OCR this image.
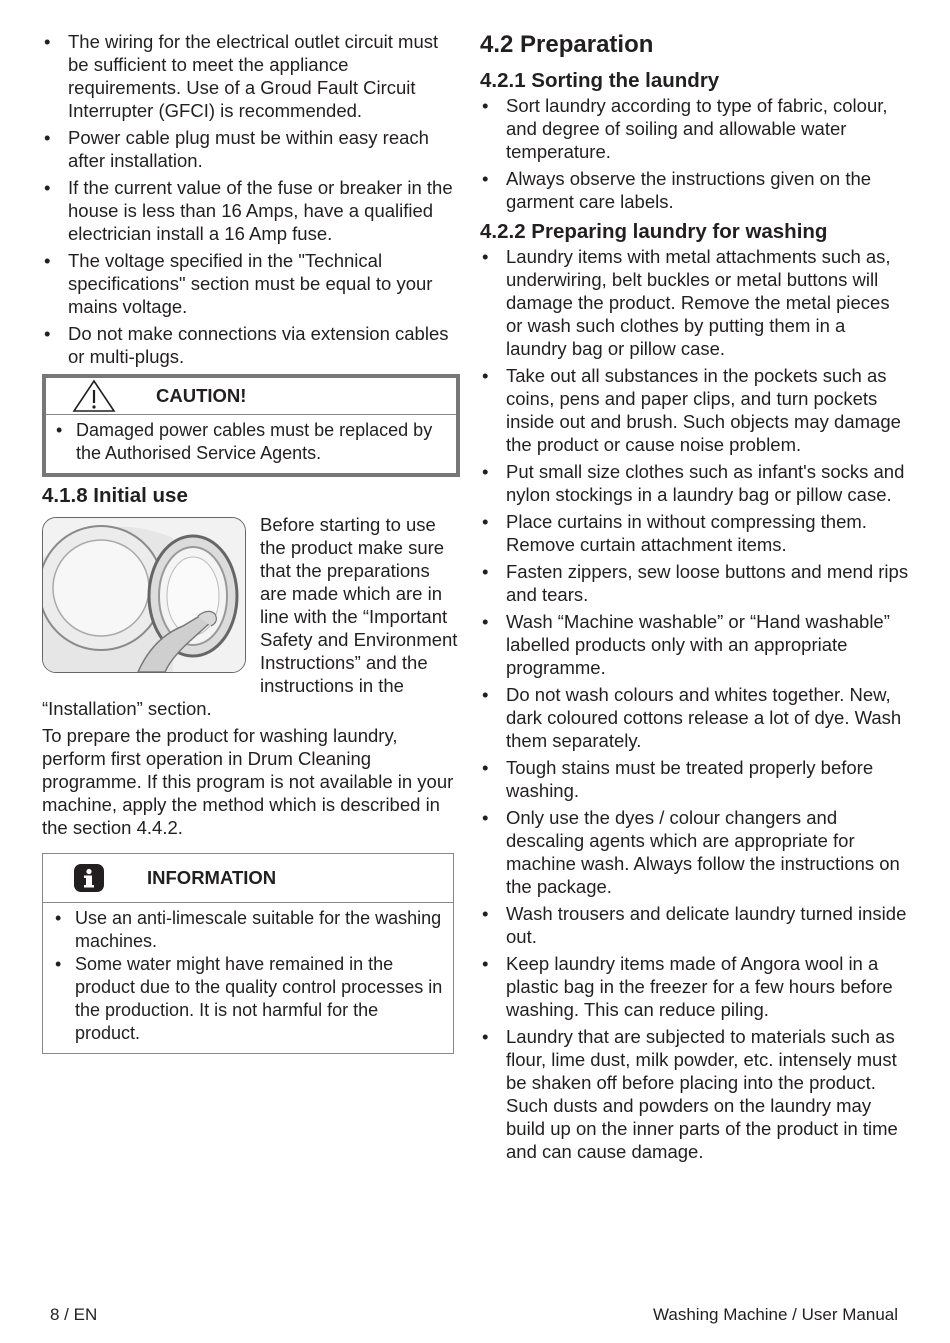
• The wiring for the electrical outlet circuit must be sufficient to meet the appliance requirements. Use of a Groud Fault Circuit Interrupter (GFCI) is recommended.
• Power cable plug must be within easy reach after installation.
• If the current value of the fuse or breaker in the house is less than 16 Amps, have a qualified electrician install a 16 Amp fuse.
• The voltage specified in the "Technical specifications" section must be equal to your mains voltage.
• Do not make connections via extension cables or multi-plugs.
CAUTION!
• Damaged power cables must be replaced by the Authorised Service Agents.
4.1.8 Initial use

Before starting to use the product make sure that the preparations are made which are in line with the “Important Safety and Environment Instructions” and the instructions in the “Installation” section.

To prepare the product for washing laundry, perform first operation in Drum Cleaning programme. If this program is not available in your machine, apply the method which is described in the section 4.4.2.

INFORMATION
• Use an anti-limescale suitable for the washing machines.
• Some water might have remained in the product due to the quality control processes in the production. It is not harmful for the product.
4.2 Preparation
4.2.1 Sorting the laundry
• Sort laundry according to type of fabric, colour, and degree of soiling and allowable water temperature.
• Always observe the instructions given on the garment care labels.
4.2.2 Preparing laundry for washing
• Laundry items with metal attachments such as, underwiring, belt buckles or metal buttons will damage the product. Remove the metal pieces or wash such clothes by putting them in a laundry bag or pillow case.
• Take out all substances in the pockets such as coins, pens and paper clips, and turn pockets inside out and brush. Such objects may damage the product or cause noise problem.
• Put small size clothes such as infant's socks and nylon stockings in a laundry bag or pillow case.
• Place curtains in without compressing them. Remove curtain attachment items.
• Fasten zippers, sew loose buttons and mend rips and tears.
• Wash “Machine washable” or “Hand washable” labelled products only with an appropriate programme.
• Do not wash colours and whites together. New, dark coloured cottons release a lot of dye. Wash them separately.
• Tough stains must be treated properly before washing.
• Only use the dyes / colour changers and descaling agents which are appropriate for machine wash. Always follow the instructions on the package.
• Wash trousers and delicate laundry turned inside out.
• Keep laundry items made of Angora wool in a plastic bag in the freezer for a few hours before washing. This can reduce piling.
• Laundry that are subjected to materials such as flour, lime dust, milk powder, etc. intensely must be shaken off before placing into the product. Such dusts and powders on the laundry may build up on the inner parts of the product in time and can cause damage.
8 / EN	Washing Machine / User Manual
